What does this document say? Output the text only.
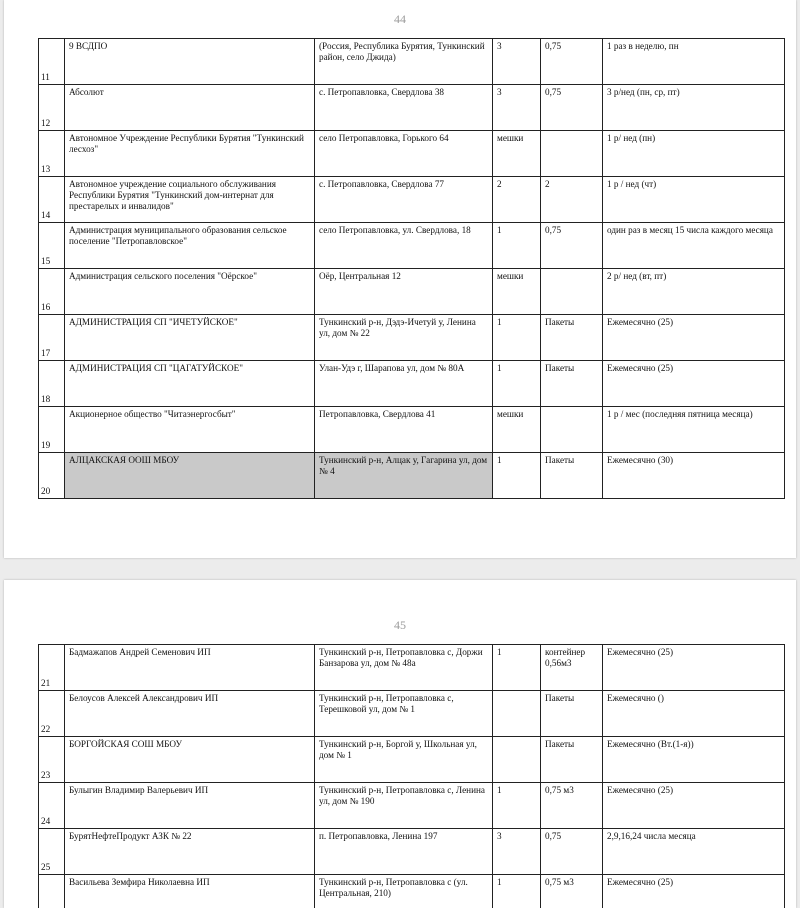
44
11	9 ВСДПО	(Россия, Республика Бурятия, Тункинский район, село Джида)	3	0,75	1 раз в неделю, пн
12	Абсолют	с. Петропавловка, Свердлова 38	3	0,75	3 р/нед (пн, ср, пт)
13	Автономное Учреждение Республики Бурятия "Тункинский лесхоз"	село Петропавловка, Горького 64	мешки		1 р/ нед (пн)
14	Автономное учреждение социального обслуживания Республики Бурятия "Тункинский дом-интернат для престарелых и инвалидов"	с. Петропавловка, Свердлова 77	2	2	1 р / нед (чт)
15	Администрация муниципального образования сельское поселение "Петропавловское"	село Петропавловка, ул. Свердлова, 18	1	0,75	один раз в месяц 15 числа каждого месяца
16	Администрация сельского поселения "Оёрское"	Оёр, Центральная 12	мешки		2 р/ нед (вт, пт)
17	АДМИНИСТРАЦИЯ СП "ИЧЕТУЙСКОЕ"	Тункинский р-н, Дэдэ-Ичетуй у, Ленина ул, дом № 22	1	Пакеты	Ежемесячно (25)
18	АДМИНИСТРАЦИЯ СП "ЦАГАТУЙСКОЕ"	Улан-Удэ г, Шарапова ул, дом № 80А	1	Пакеты	Ежемесячно (25)
19	Акционерное общество "Читаэнергосбыт"	Петропавловка, Свердлова 41	мешки		1 р / мес (последняя пятница месяца)
20	АЛЦАКСКАЯ ООШ МБОУ	Тункинский р-н, Алцак у, Гагарина ул, дом № 4	1	Пакеты	Ежемесячно (30)
45
21	Бадмажапов Андрей Семенович ИП	Тункинский р-н, Петропавловка с, Доржи Банзарова ул, дом № 48а	1	контейнер 0,56м3	Ежемесячно (25)
22	Белоусов Алексей Александрович ИП	Тункинский р-н, Петропавловка с, Терешковой ул, дом № 1		Пакеты	Ежемесячно ()
23	БОРГОЙСКАЯ СОШ МБОУ	Тункинский р-н, Боргой у, Школьная ул, дом № 1		Пакеты	Ежемесячно (Вт.(1-я))
24	Булыгин Владимир Валерьевич ИП	Тункинский р-н, Петропавловка с, Ленина ул, дом № 190	1	0,75 м3	Ежемесячно (25)
25	БурятНефтеПродукт АЗК № 22	п. Петропавловка, Ленина 197	3	0,75	2,9,16,24 числа месяца
	Васильева Земфира Николаевна ИП	Тункинский р-н, Петропавловка с (ул. Центральная, 210)	1	0,75 м3	Ежемесячно (25)
